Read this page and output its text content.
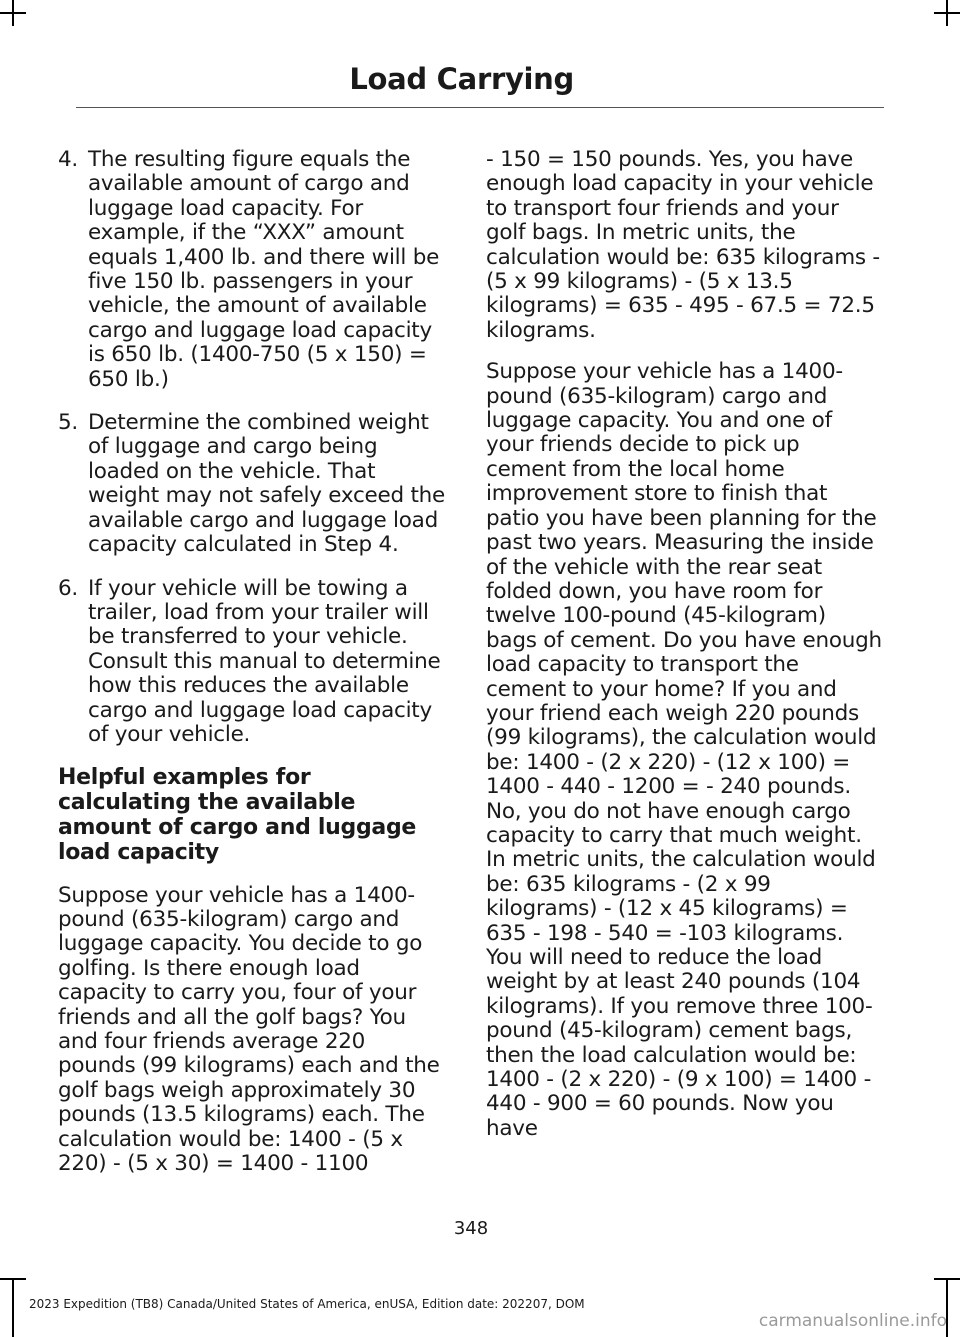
Load Carrying
4. The resulting figure equals the available amount of cargo and luggage load capacity. For example, if the “XXX” amount equals 1,400 lb. and there will be five 150 lb. passengers in your vehicle, the amount of available cargo and luggage load capacity is 650 lb. (1400-750 (5 x 150) = 650 lb.)
5. Determine the combined weight of luggage and cargo being loaded on the vehicle. That weight may not safely exceed the available cargo and luggage load capacity calculated in Step 4.
6. If your vehicle will be towing a trailer, load from your trailer will be transferred to your vehicle. Consult this manual to determine how this reduces the available cargo and luggage load capacity of your vehicle.
Helpful examples for calculating the available amount of cargo and luggage load capacity

Suppose your vehicle has a 1400-pound (635-kilogram) cargo and luggage capacity. You decide to go golfing. Is there enough load capacity to carry you, four of your friends and all the golf bags? You and four friends average 220 pounds (99 kilograms) each and the golf bags weigh approximately 30 pounds (13.5 kilograms) each. The calculation would be: 1400 - (5 x 220) - (5 x 30) = 1400 - 1100

- 150 = 150 pounds. Yes, you have enough load capacity in your vehicle to transport four friends and your golf bags. In metric units, the calculation would be: 635 kilograms - (5 x 99 kilograms) - (5 x 13.5 kilograms) = 635 - 495 - 67.5 = 72.5 kilograms.

Suppose your vehicle has a 1400-pound (635-kilogram) cargo and luggage capacity. You and one of your friends decide to pick up cement from the local home improvement store to finish that patio you have been planning for the past two years. Measuring the inside of the vehicle with the rear seat folded down, you have room for twelve 100-pound (45-kilogram) bags of cement. Do you have enough load capacity to transport the cement to your home? If you and your friend each weigh 220 pounds (99 kilograms), the calculation would be: 1400 - (2 x 220) - (12 x 100) = 1400 - 440 - 1200 = - 240 pounds. No, you do not have enough cargo capacity to carry that much weight. In metric units, the calculation would be: 635 kilograms - (2 x 99 kilograms) - (12 x 45 kilograms) = 635 - 198 - 540 = -103 kilograms. You will need to reduce the load weight by at least 240 pounds (104 kilograms). If you remove three 100-pound (45-kilogram) cement bags, then the load calculation would be: 1400 - (2 x 220) - (9 x 100) = 1400 - 440 - 900 = 60 pounds. Now you have

348
2023 Expedition (TB8) Canada/United States of America, enUSA, Edition date: 202207, DOM
carmanualsonline.info
